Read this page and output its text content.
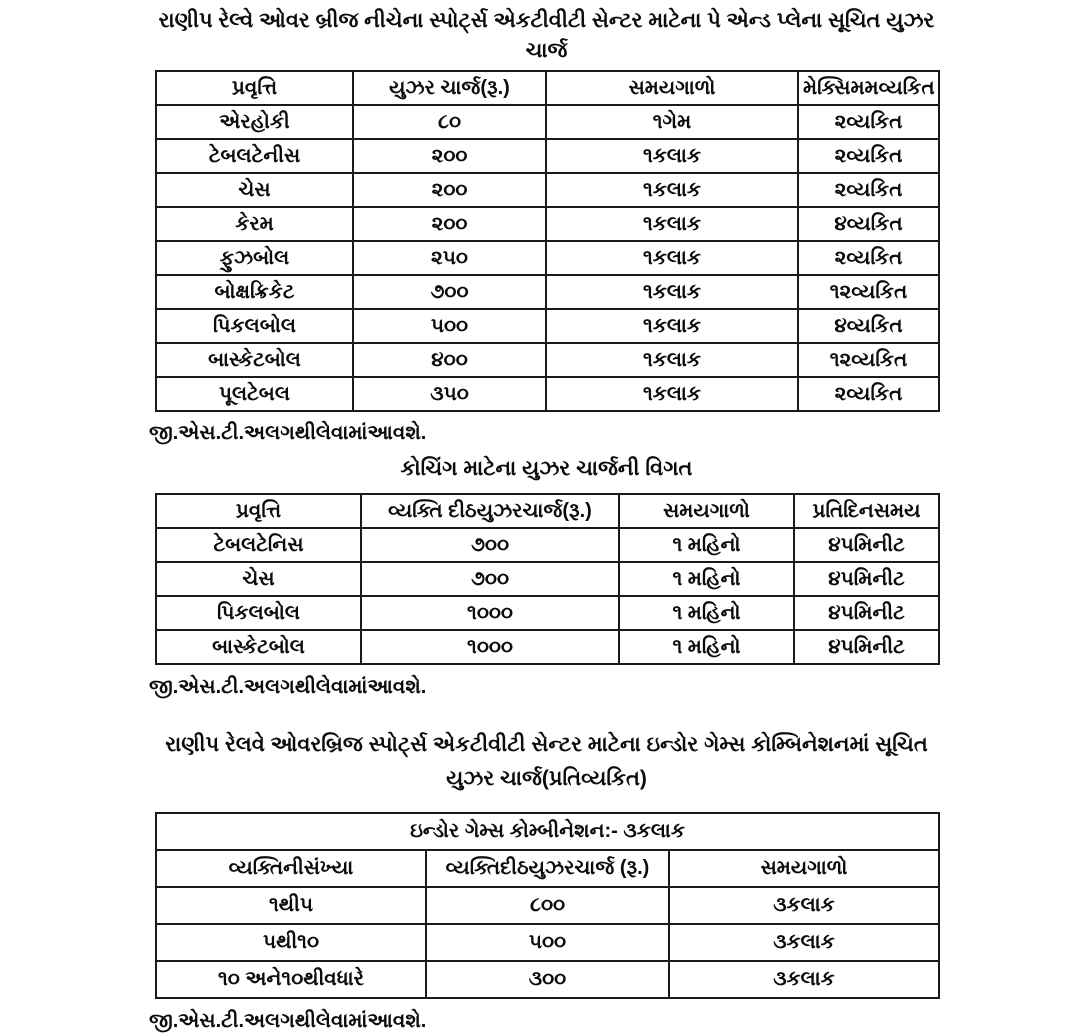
રાણીપ રેલ્વે ઓવર બ્રીજ નીચેના સ્પોર્ટ્સ એકટીવીટી સેન્ટર માટેના પે એન્ડ પ્લેના સૂચિત યુઝર ચાર્જ
પ્રવૃત્તિ	યુઝર ચાર્જ(રૂ.)	સમયગાળો	મેક્સિમમવ્યકિત
એરહોકી	૮૦	૧ગેમ	૨વ્યકિત
ટેબલટેનીસ	૨૦૦	૧કલાક	૨વ્યકિત
ચેસ	૨૦૦	૧કલાક	૨વ્યકિત
કેરમ	૨૦૦	૧કલાક	૪વ્યકિત
ફુઝબોલ	૨૫૦	૧કલાક	૨વ્યકિત
બોક્ષક્રિકેટ	૭૦૦	૧કલાક	૧૨વ્યકિત
પિકલબોલ	૫૦૦	૧કલાક	૪વ્યકિત
બાસ્કેટબોલ	૪૦૦	૧કલાક	૧૨વ્યકિત
પૂલટેબલ	૩૫૦	૧કલાક	૨વ્યકિત
જી.એસ.ટી.અલગથીલેવામાંઆવશે.
કોચિંગ માટેના યુઝર ચાર્જની વિગત
પ્રવૃત્તિ	વ્યક્તિ દીઠયુઝરચાર્જ(રૂ.)	સમયગાળો	પ્રતિદિનસમય
ટેબલટેનિસ	૭૦૦	૧ મહિનો	૪૫મિનીટ
ચેસ	૭૦૦	૧ મહિનો	૪૫મિનીટ
પિકલબોલ	૧૦૦૦	૧ મહિનો	૪૫મિનીટ
બાસ્કેટબોલ	૧૦૦૦	૧ મહિનો	૪૫મિનીટ
જી.એસ.ટી.અલગથીલેવામાંઆવશે.
રાણીપ રેલવે ઓવરબ્રિજ સ્પોર્ટ્સ એકટીવીટી સેન્ટર માટેના ઇન્ડોર ગેમ્સ કોમ્બિનેશનમાં સૂચિત
યુઝર ચાર્જ(પ્રતિવ્યકિત)
ઇન્ડોર ગેમ્સ કોમ્બીનેશન:- ૩કલાક		
વ્યક્તિનીસંખ્યા	વ્યક્તિદીઠયુઝરચાર્જ (રૂ.)	સમયગાળો
૧થી૫	૮૦૦	૩કલાક
૫થી૧૦	૫૦૦	૩કલાક
૧૦ અને૧૦થીવધારે	૩૦૦	૩કલાક
જી.એસ.ટી.અલગથીલેવામાંઆવશે.
